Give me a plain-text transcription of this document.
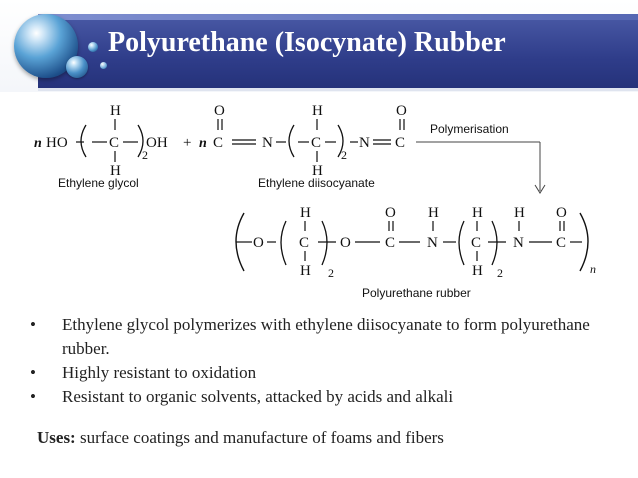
Polyurethane (Isocynate) Rubber
n HO
H
C
H
2
OH + n
O
C	N
H
C
H
2
N
O
C
Ethylene glycol	Ethylene diisocyanate
Polymerisation
O
H
C
H 2
O
O
C
H
N
H
C
H 2
H
N
O
C
n
Polyurethane rubber
• Ethylene glycol polymerizes with ethylene diisocyanate to form polyurethane rubber.
• Highly resistant to oxidation
• Resistant to organic solvents, attacked by acids and alkali
Uses: surface coatings and manufacture of foams and fibers
